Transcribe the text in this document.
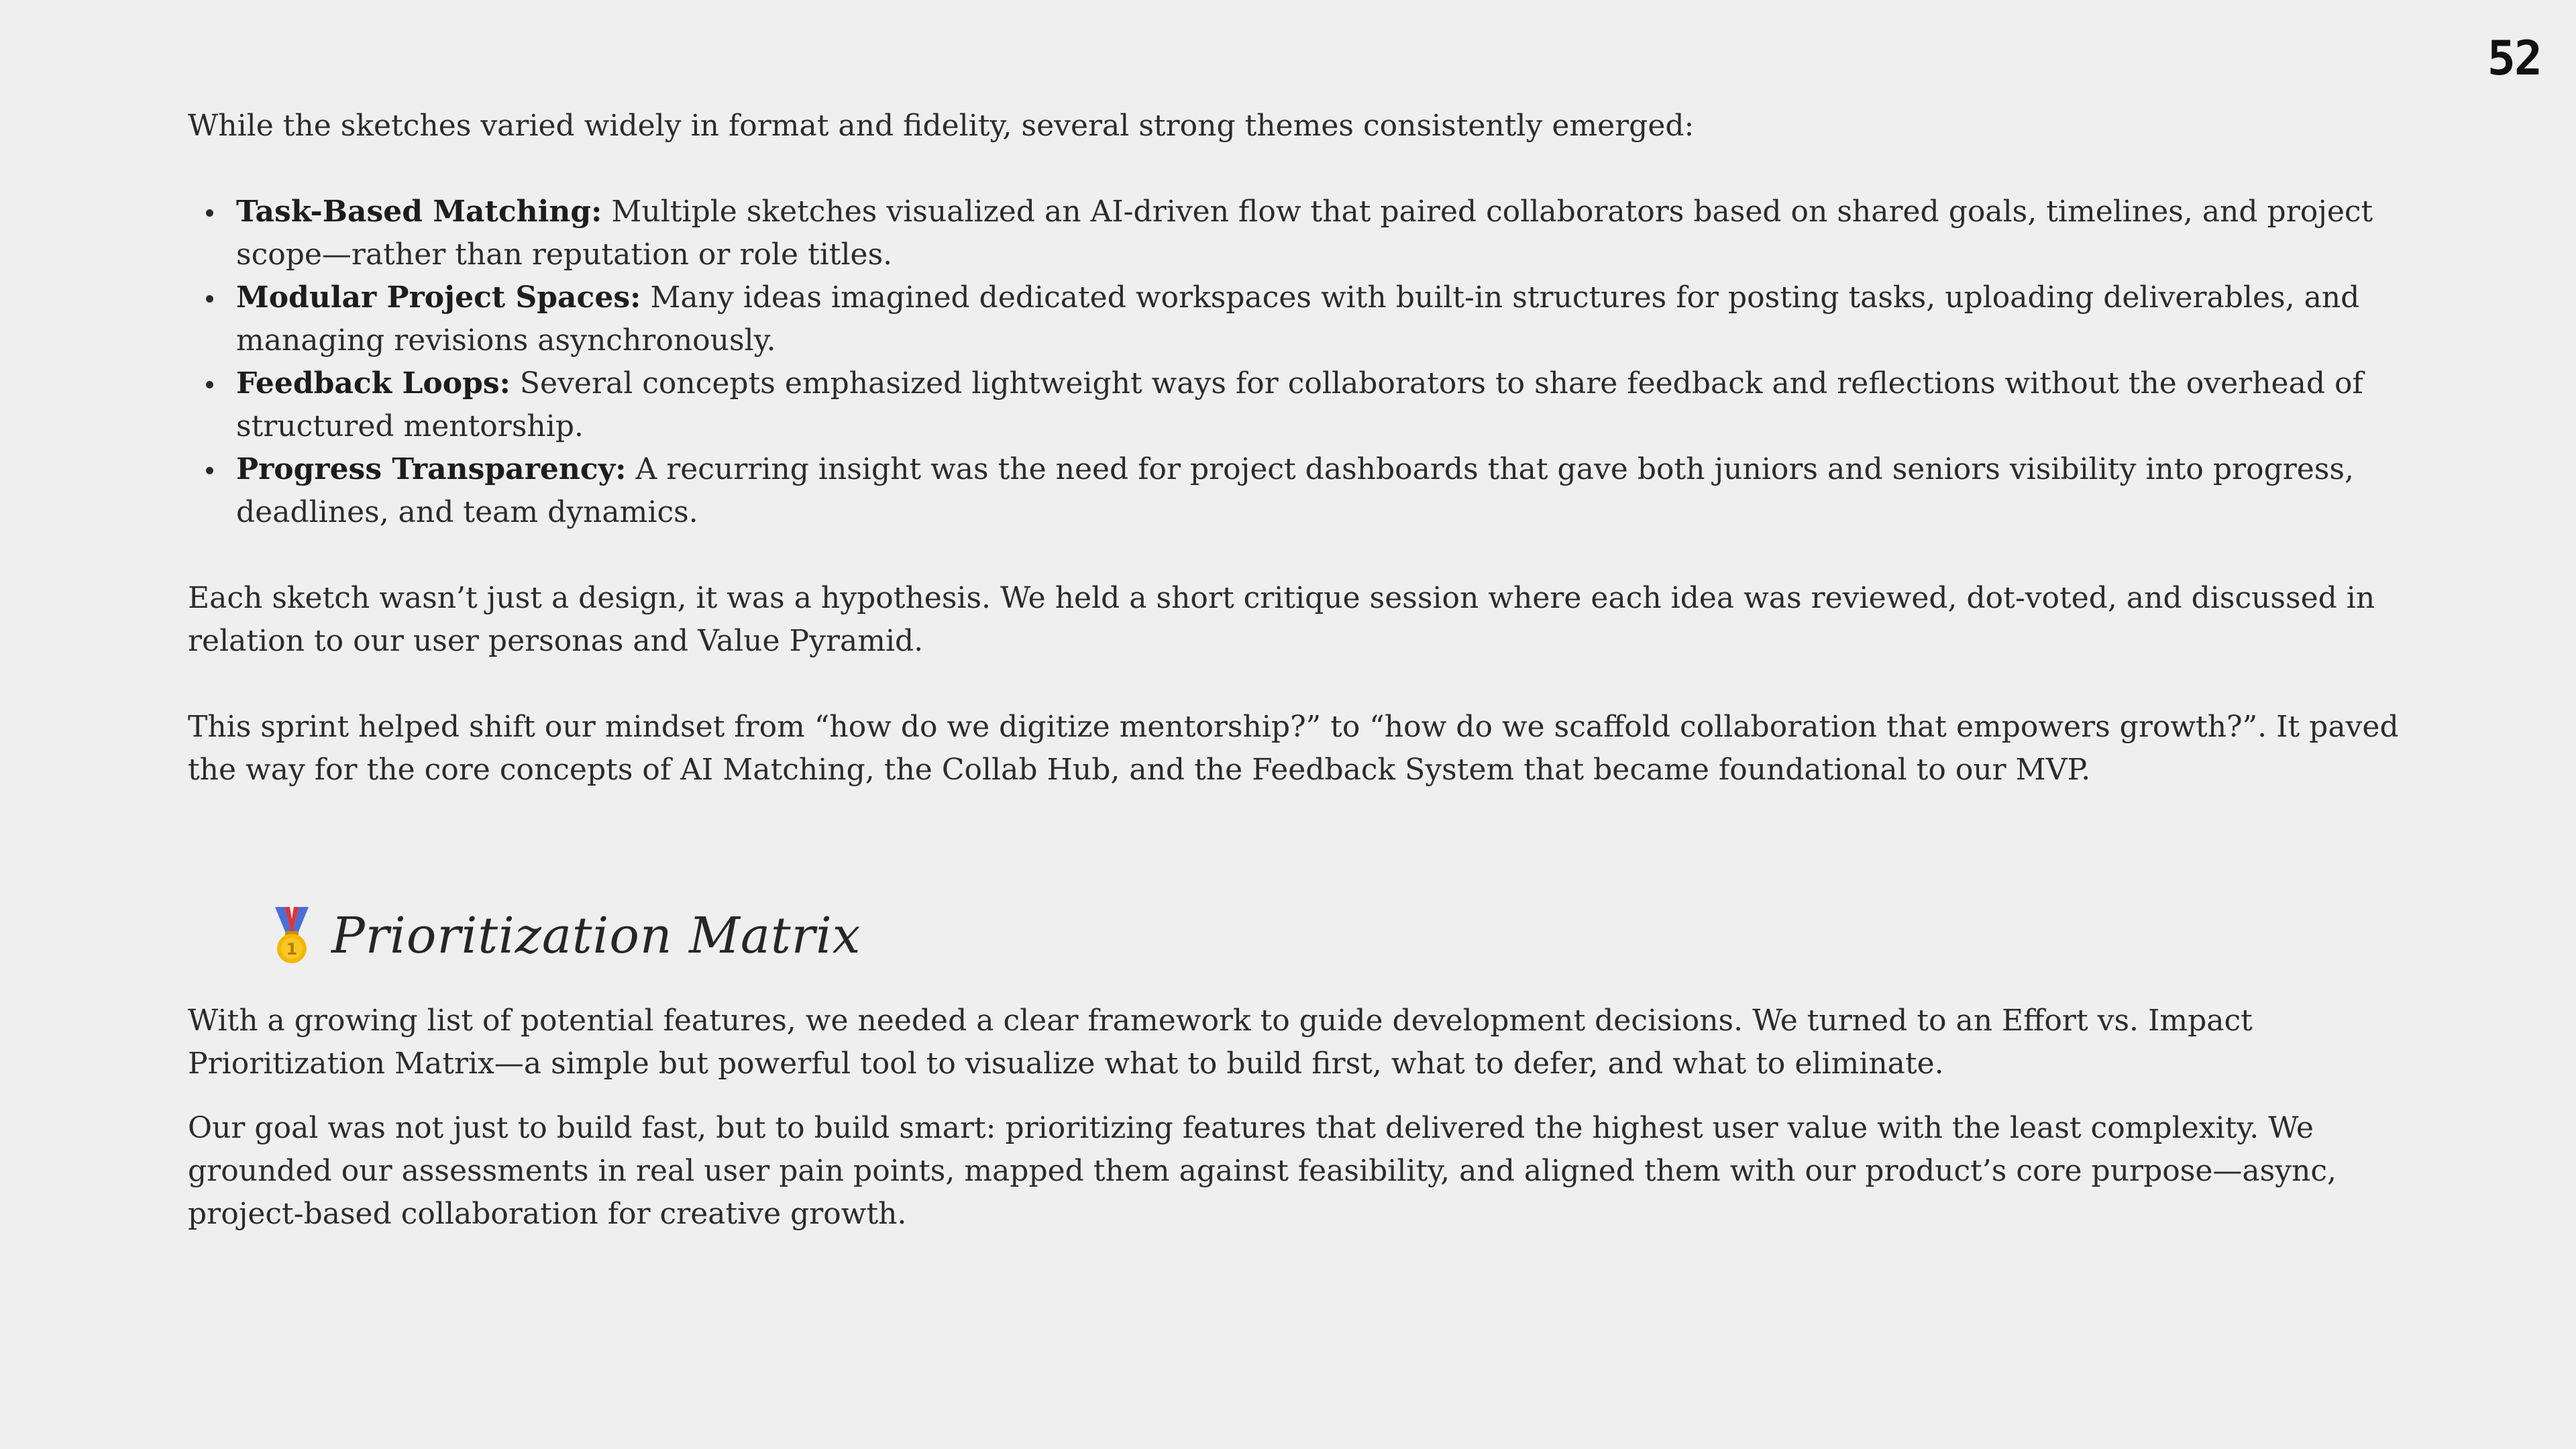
52

While the sketches varied widely in format and fidelity, several strong themes consistently emerged:

Task-Based Matching: Multiple sketches visualized an AI-driven flow that paired collaborators based on shared goals, timelines, and project scope—rather than reputation or role titles.
Modular Project Spaces: Many ideas imagined dedicated workspaces with built-in structures for posting tasks, uploading deliverables, and managing revisions asynchronously.
Feedback Loops: Several concepts emphasized lightweight ways for collaborators to share feedback and reflections without the overhead of structured mentorship.
Progress Transparency: A recurring insight was the need for project dashboards that gave both juniors and seniors visibility into progress, deadlines, and team dynamics.

Each sketch wasn’t just a design, it was a hypothesis. We held a short critique session where each idea was reviewed, dot-voted, and discussed in relation to our user personas and Value Pyramid.

This sprint helped shift our mindset from “how do we digitize mentorship?” to “how do we scaffold collaboration that empowers growth?”. It paved the way for the core concepts of AI Matching, the Collab Hub, and the Feedback System that became foundational to our MVP.

1 Prioritization Matrix

With a growing list of potential features, we needed a clear framework to guide development decisions. We turned to an Effort vs. Impact Prioritization Matrix—a simple but powerful tool to visualize what to build first, what to defer, and what to eliminate.

Our goal was not just to build fast, but to build smart: prioritizing features that delivered the highest user value with the least complexity. We grounded our assessments in real user pain points, mapped them against feasibility, and aligned them with our product’s core purpose—async, project-based collaboration for creative growth.
